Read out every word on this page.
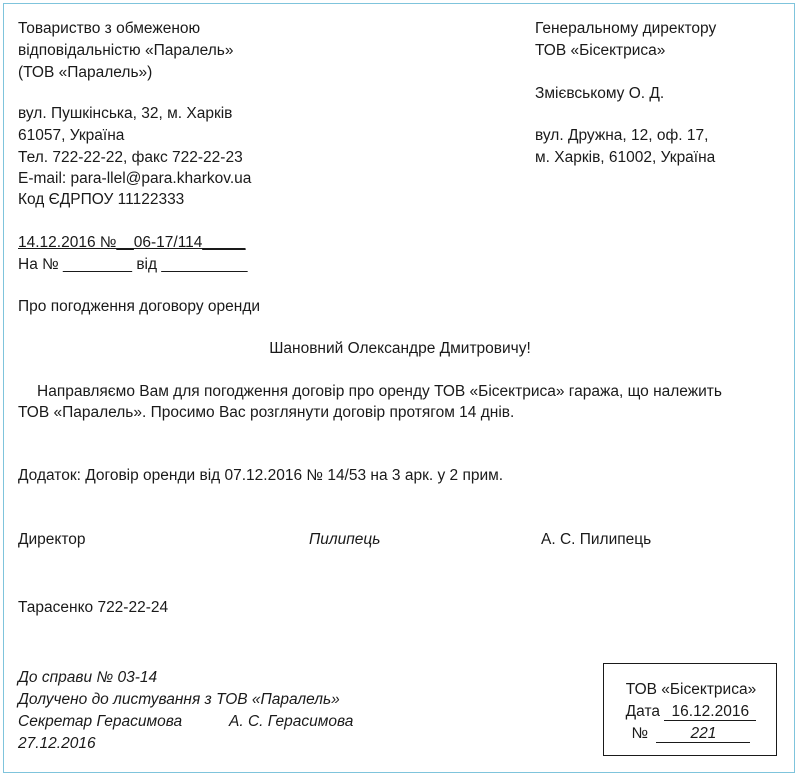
Товариство з обмеженою
відповідальністю «Паралель»
(ТОВ «Паралель»)
вул. Пушкінська, 32, м. Харків
61057, Україна
Тел. 722-22-22, факс 722-22-23
E-mail: para-llel@para.kharkov.ua
Код ЄДРПОУ 11122333
Генеральному директору
ТОВ «Бісектриса»
Змієвському О. Д.
вул. Дружна, 12, оф. 17,
м. Харків, 61002, Україна
14.12.2016 №__06-17/114_____
На № ________ від __________
Про погодження договору оренди
Шановний Олександре Дмитровичу!
Направляємо Вам для погодження договір про оренду ТОВ «Бісектриса» гаража, що належить
ТОВ «Паралель». Просимо Вас розглянути договір протягом 14 днів.
Додаток: Договір оренди від 07.12.2016 № 14/53 на 3 арк. у 2 прим.
Директор	Пилипець	А. С. Пилипець
Тарасенко 722-22-24
До справи № 03-14
Долучено до листування з ТОВ «Паралель»
Секретар Герасимова	А. С. Герасимова
27.12.2016
ТОВ «Бісектриса»
Дата 16.12.2016
№	221
